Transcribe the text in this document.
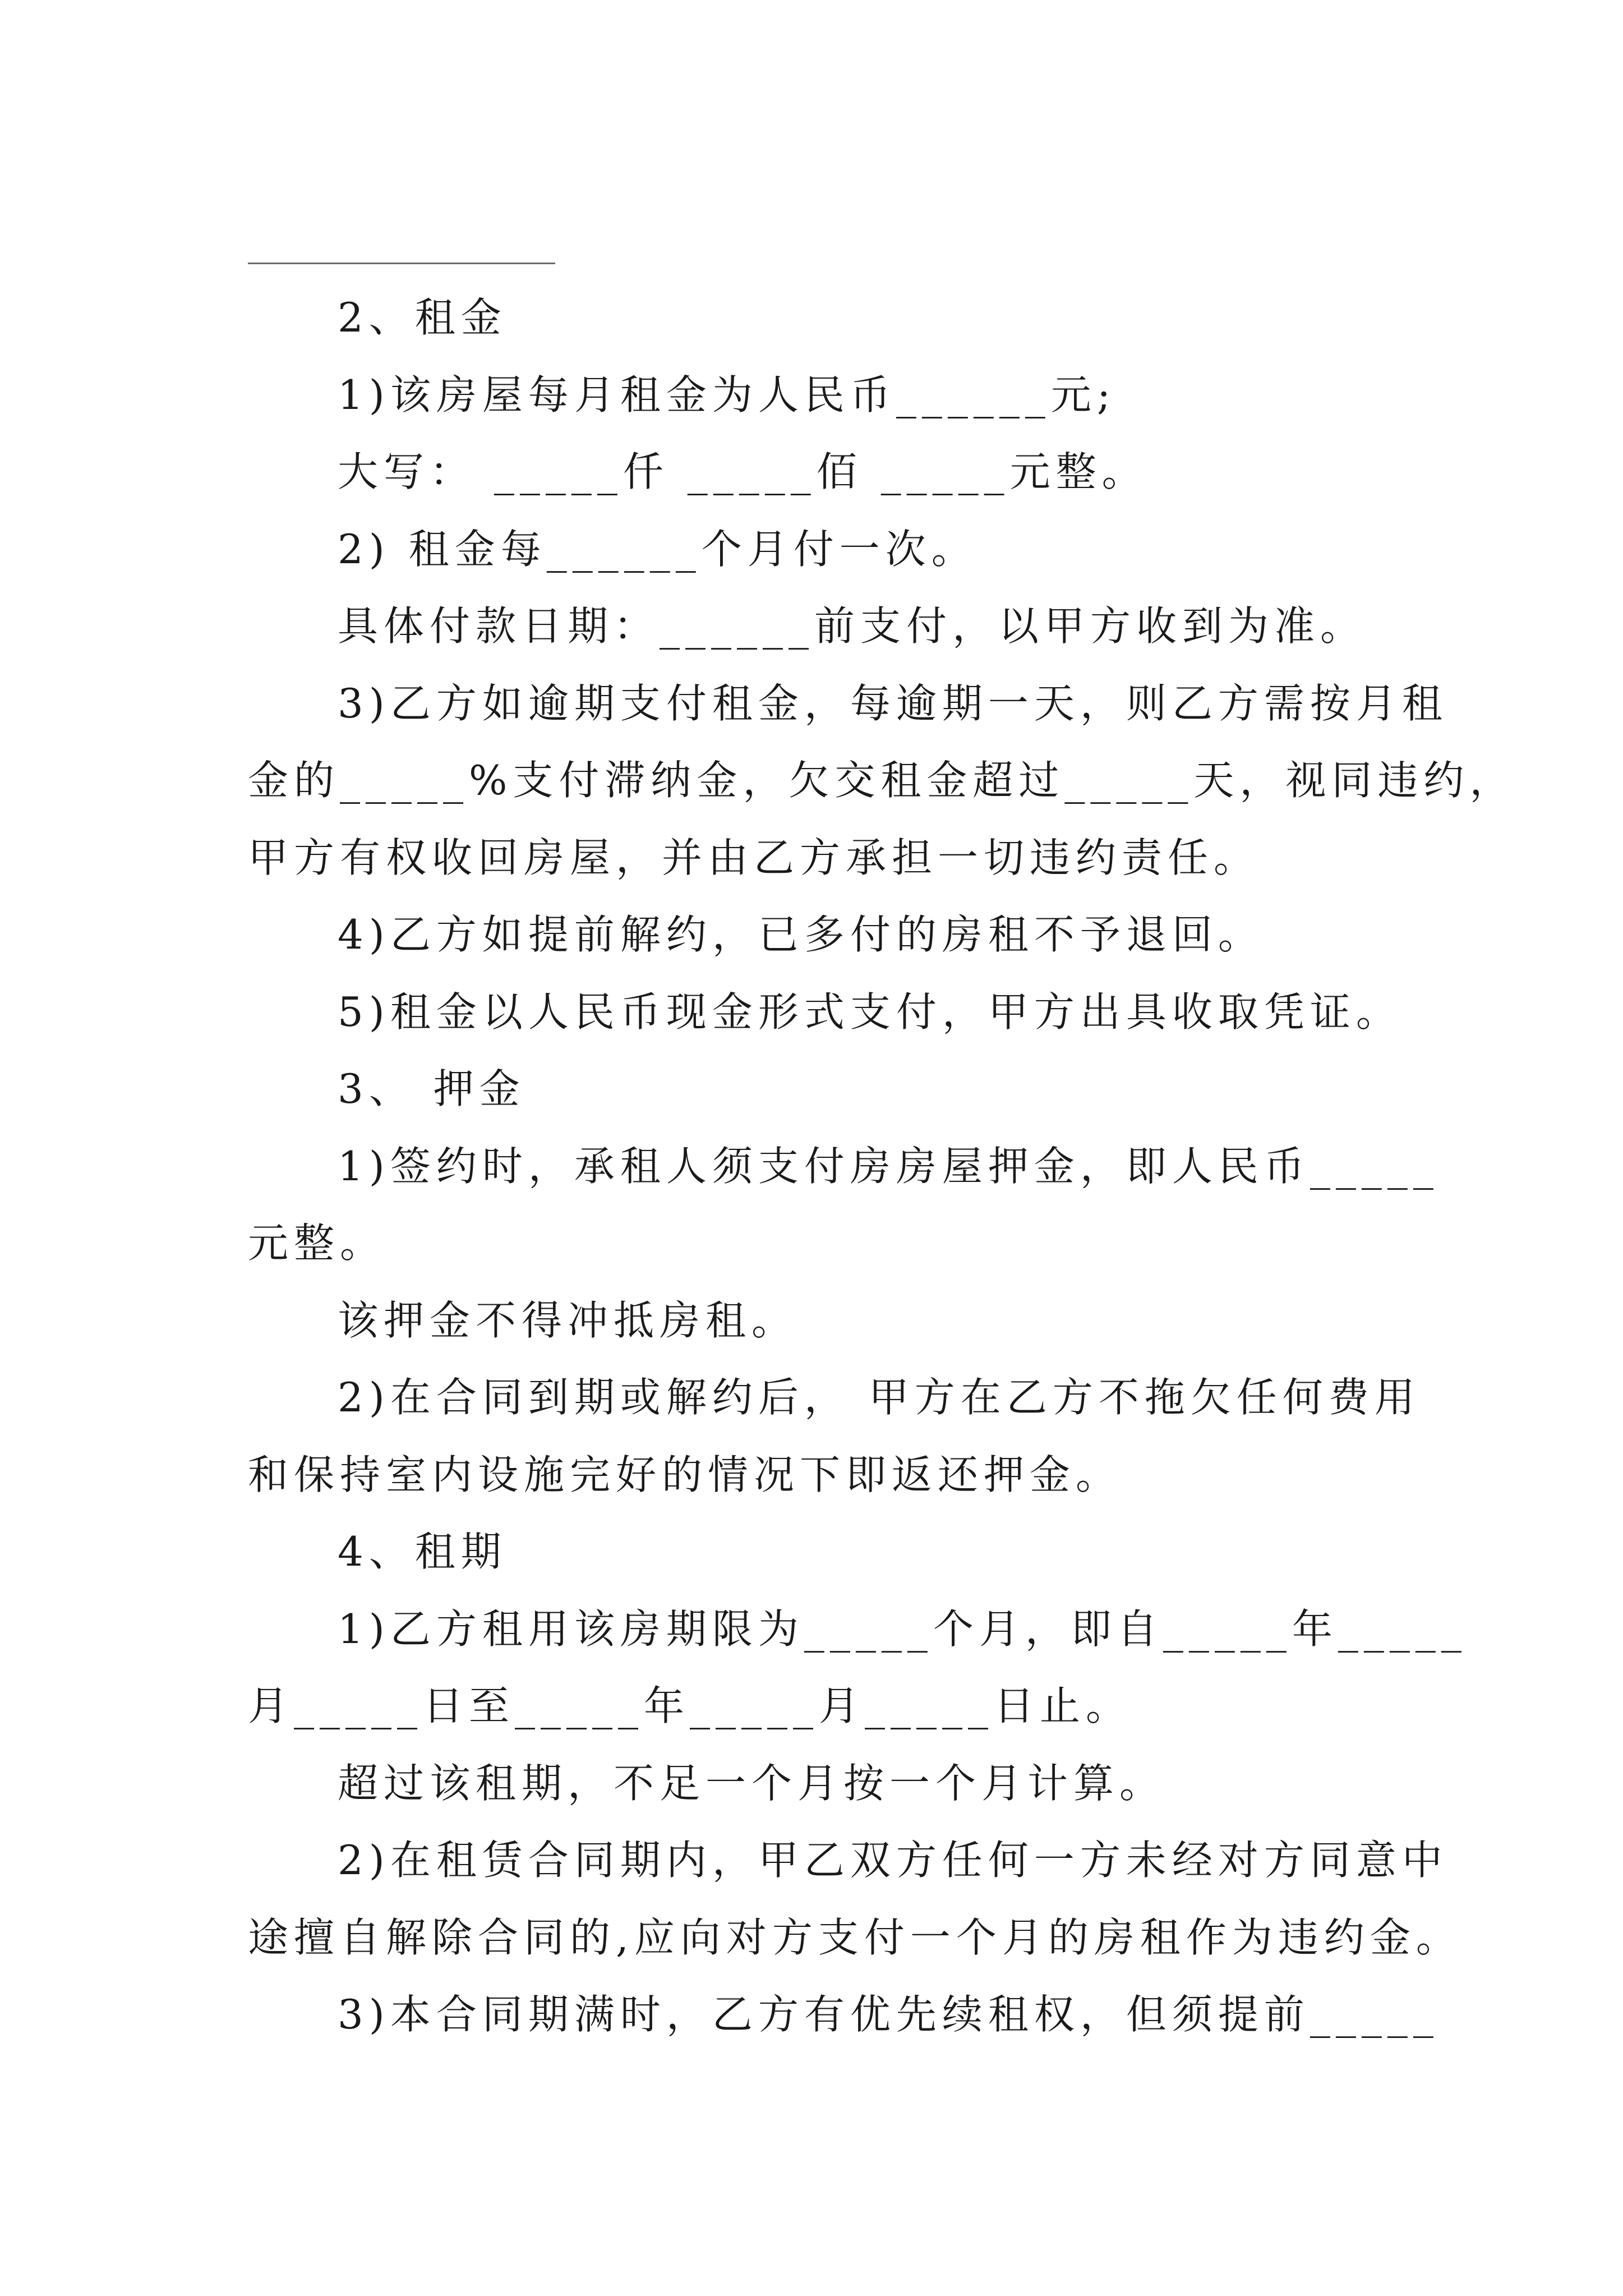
2、租金

1)该房屋每月租金为人民币______元;

大写： _____仟 _____佰 _____元整。

2) 租金每______个月付一次。

具体付款日期：______前支付，以甲方收到为准。

3)乙方如逾期支付租金，每逾期一天，则乙方需按月租

金的_____%支付滞纳金，欠交租金超过_____天，视同违约，

甲方有权收回房屋，并由乙方承担一切违约责任。

4)乙方如提前解约，已多付的房租不予退回。

5)租金以人民币现金形式支付，甲方出具收取凭证。

3、 押金

1)签约时，承租人须支付房房屋押金，即人民币_____

元整。

该押金不得冲抵房租。

2)在合同到期或解约后， 甲方在乙方不拖欠任何费用

和保持室内设施完好的情况下即返还押金。

4、租期

1)乙方租用该房期限为_____个月，即自_____年_____

月_____日至_____年_____月_____日止。

超过该租期，不足一个月按一个月计算。

2)在租赁合同期内，甲乙双方任何一方未经对方同意中

途擅自解除合同的,应向对方支付一个月的房租作为违约金。

3)本合同期满时，乙方有优先续租权，但须提前_____
